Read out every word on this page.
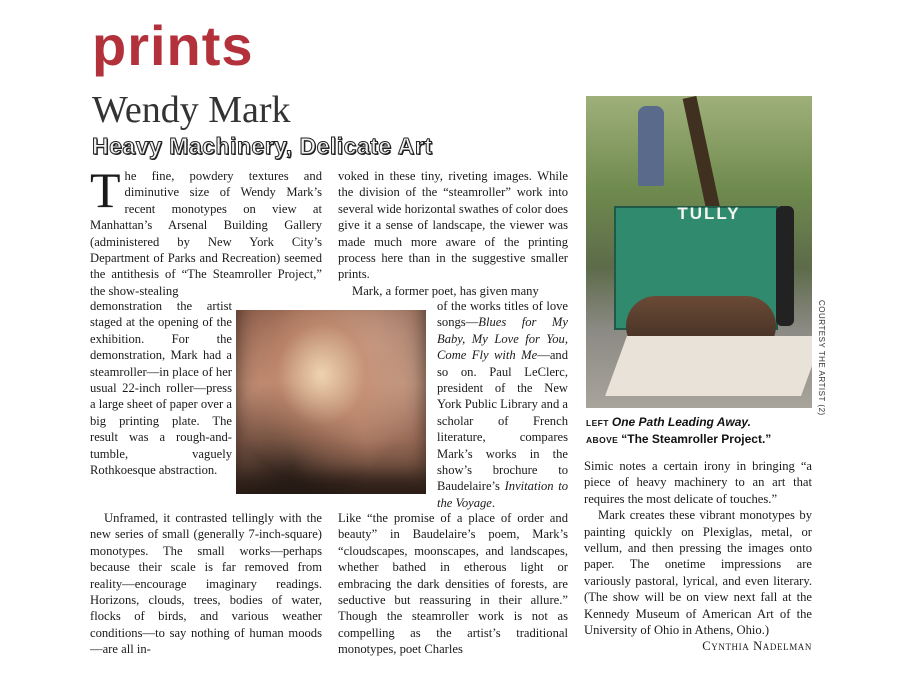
prints
Wendy Mark
Heavy Machinery, Delicate Art

The fine, powdery textures and diminutive size of Wendy Mark’s recent monotypes on view at Manhattan’s Arsenal Building Gallery (administered by New York City’s Department of Parks and Recreation) seemed the antithesis of “The Steamroller Project,” the show-stealing

demonstration the artist staged at the opening of the exhibition. For the demonstration, Mark had a steamroller—in place of her usual 22-inch roller—press a large sheet of paper over a big printing plate. The result was a rough-and-tumble, vaguely Rothkoesque abstraction.

Unframed, it contrasted tellingly with the new series of small (generally 7-inch-square) monotypes. The small works—perhaps because their scale is far removed from reality—encourage imaginary readings. Horizons, clouds, trees, bodies of water, flocks of birds, and various weather conditions—to say nothing of human moods—are all in-

voked in these tiny, riveting images. While the division of the “steamroller” work into several wide horizontal swathes of color does give it a sense of landscape, the viewer was made much more aware of the printing process here than in the suggestive smaller prints.

Mark, a former poet, has given many

of the works titles of love songs—Blues for My Baby, My Love for You, Come Fly with Me—and so on. Paul LeClerc, president of the New York Public Library and a scholar of French literature, compares Mark’s works in the show’s brochure to Baudelaire’s Invitation to the Voyage.

Like “the promise of a place of order and beauty” in Baudelaire’s poem, Mark’s “cloudscapes, moonscapes, and landscapes, whether bathed in etherous light or embracing the dark densities of forests, are seductive but reassuring in their allure.” Though the steamroller work is not as compelling as the artist’s traditional monotypes, poet Charles

TULLY
COURTESY THE ARTIST (2)
LEFT One Path Leading Away.
ABOVE “The Steamroller Project.”

Simic notes a certain irony in bringing “a piece of heavy machinery to an art that requires the most delicate of touches.”

Mark creates these vibrant monotypes by painting quickly on Plexiglas, metal, or vellum, and then pressing the images onto paper. The onetime impressions are variously pastoral, lyrical, and even literary. (The show will be on view next fall at the Kennedy Museum of American Art of the University of Ohio in Athens, Ohio.)
Cynthia Nadelman
